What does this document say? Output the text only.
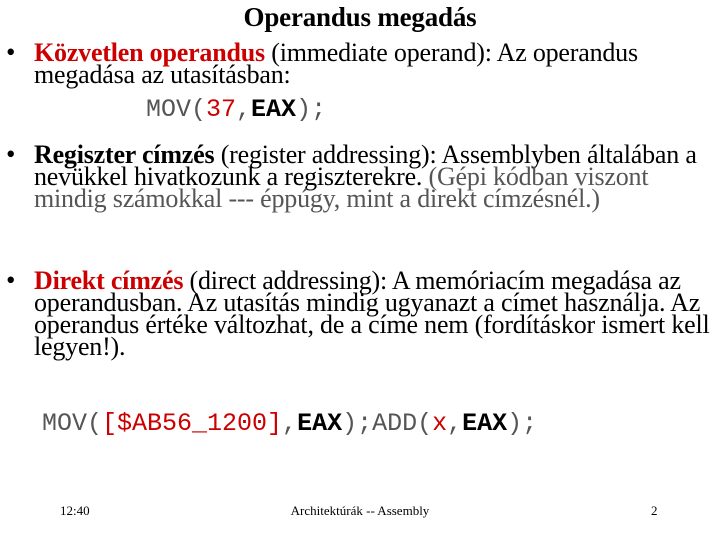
Operandus megadás
• Közvetlen operandus (immediate operand): Az operandus megadása az utasításban:
MOV(37,EAX);
• Regiszter címzés (register addressing): Assemblyben általában a nevükkel hivatkozunk a regiszterekre. (Gépi kódban viszont mindig számokkal --- éppúgy, mint a direkt címzésnél.)
• Direkt címzés (direct addressing): A memóriacím megadása az operandusban. Az utasítás mindig ugyanazt a címet használja. Az operandus értéke változhat, de a címe nem (fordításkor ismert kell legyen!).
MOV([$AB56_1200],EAX);ADD(x,EAX);
12:40	Architektúrák -- Assembly	2
